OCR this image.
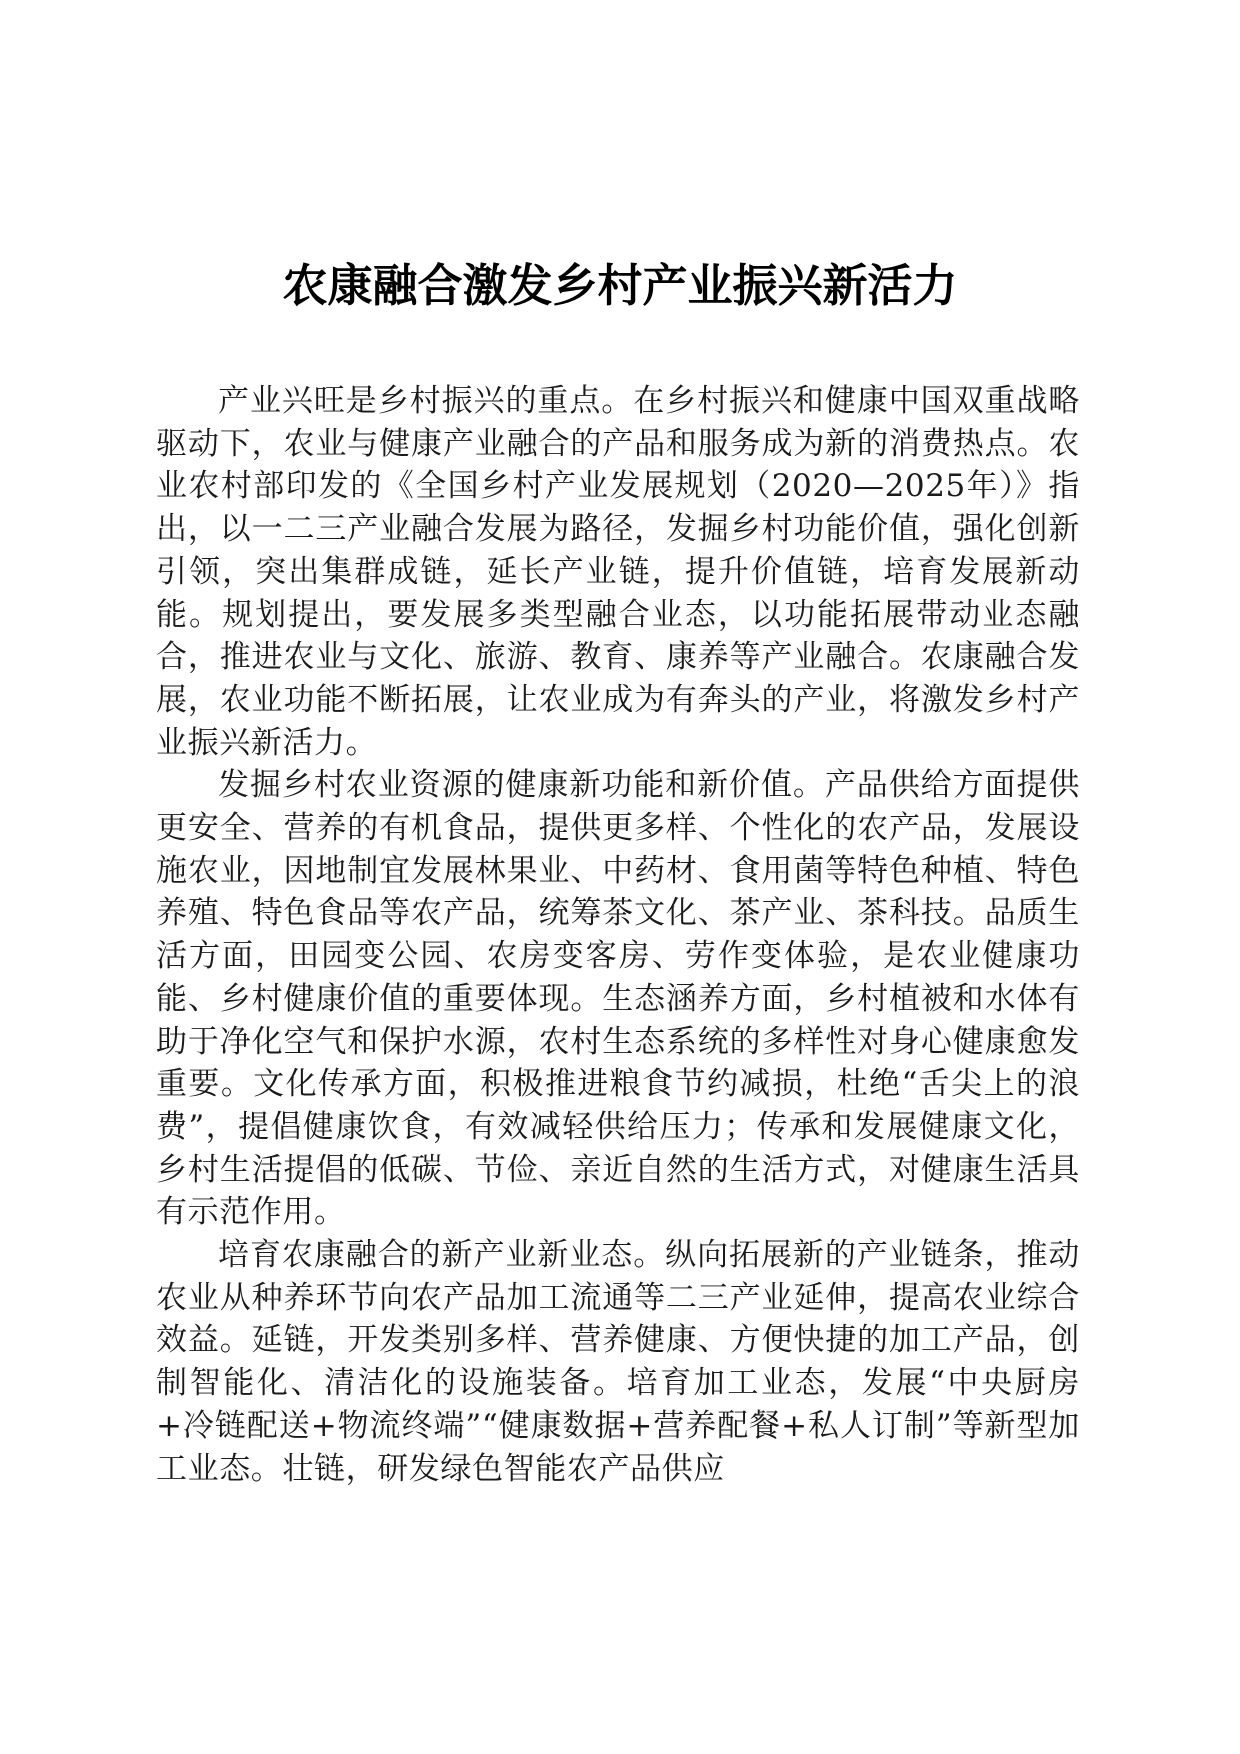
农康融合激发乡村产业振兴新活力

产业兴旺是乡村振兴的重点。在乡村振兴和健康中国双重战略驱动下，农业与健康产业融合的产品和服务成为新的消费热点。农业农村部印发的《全国乡村产业发展规划（2020—2025年）》指出，以一二三产业融合发展为路径，发掘乡村功能价值，强化创新引领，突出集群成链，延长产业链，提升价值链，培育发展新动能。规划提出，要发展多类型融合业态，以功能拓展带动业态融合，推进农业与文化、旅游、教育、康养等产业融合。农康融合发展，农业功能不断拓展，让农业成为有奔头的产业，将激发乡村产业振兴新活力。

发掘乡村农业资源的健康新功能和新价值。产品供给方面提供更安全、营养的有机食品，提供更多样、个性化的农产品，发展设施农业，因地制宜发展林果业、中药材、食用菌等特色种植、特色养殖、特色食品等农产品，统筹茶文化、茶产业、茶科技。品质生活方面，田园变公园、农房变客房、劳作变体验，是农业健康功能、乡村健康价值的重要体现。生态涵养方面，乡村植被和水体有助于净化空气和保护水源，农村生态系统的多样性对身心健康愈发重要。文化传承方面，积极推进粮食节约减损，杜绝“舌尖上的浪费”，提倡健康饮食，有效减轻供给压力；传承和发展健康文化，乡村生活提倡的低碳、节俭、亲近自然的生活方式，对健康生活具有示范作用。

培育农康融合的新产业新业态。纵向拓展新的产业链条，推动农业从种养环节向农产品加工流通等二三产业延伸，提高农业综合效益。延链，开发类别多样、营养健康、方便快捷的加工产品，创制智能化、清洁化的设施装备。培育加工业态，发展“中央厨房+冷链配送+物流终端”“健康数据+营养配餐+私人订制”等新型加工业态。壮链，研发绿色智能农产品供应
